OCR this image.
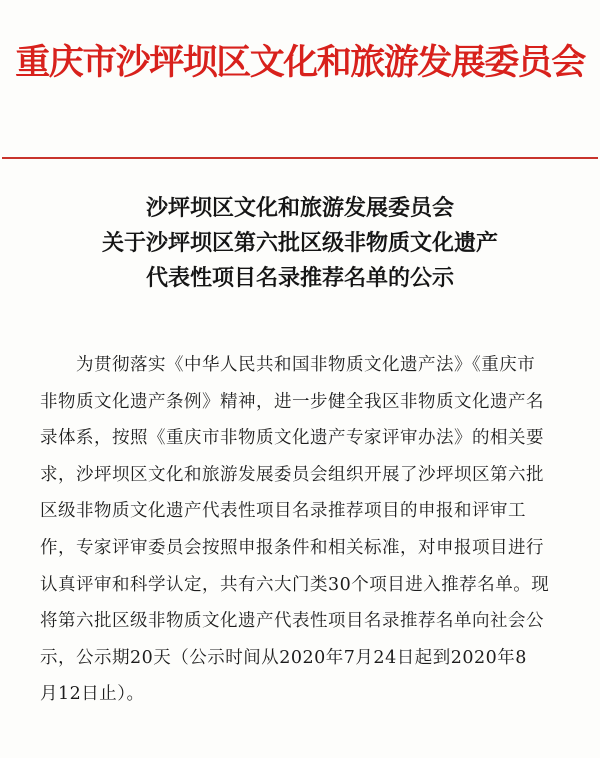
重庆市沙坪坝区文化和旅游发展委员会
沙坪坝区文化和旅游发展委员会
关于沙坪坝区第六批区级非物质文化遗产
代表性项目名录推荐名单的公示
为贯彻落实《中华人民共和国非物质文化遗产法》《重庆市
非物质文化遗产条例》精神，进一步健全我区非物质文化遗产名
录体系，按照《重庆市非物质文化遗产专家评审办法》的相关要
求，沙坪坝区文化和旅游发展委员会组织开展了沙坪坝区第六批
区级非物质文化遗产代表性项目名录推荐项目的申报和评审工
作，专家评审委员会按照申报条件和相关标准，对申报项目进行
认真评审和科学认定，共有六大门类30个项目进入推荐名单。现
将第六批区级非物质文化遗产代表性项目名录推荐名单向社会公
示，公示期20天（公示时间从2020年7月24日起到2020年8
月12日止）。
